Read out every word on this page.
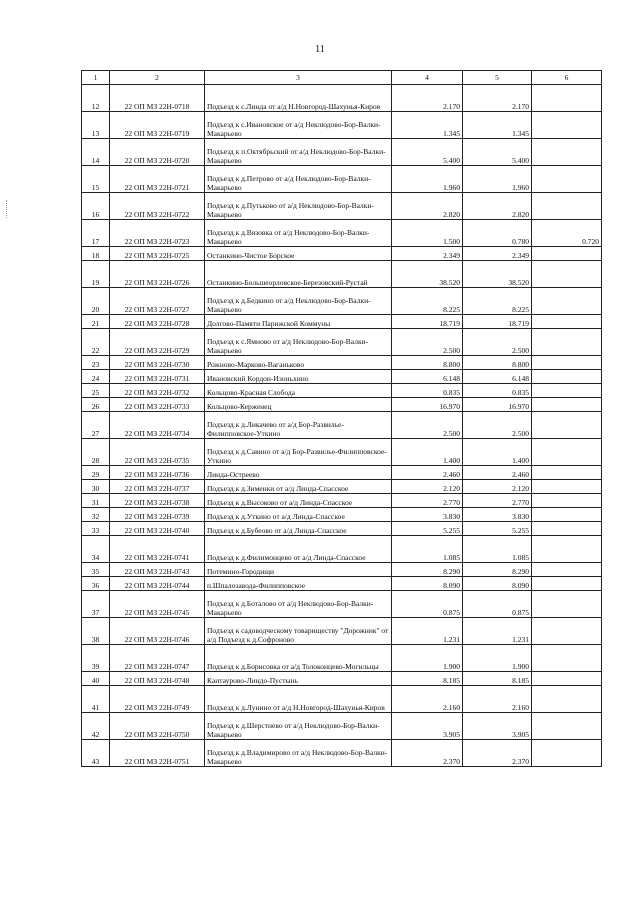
11
1	2	3	4	5	6
12	22 ОП МЗ 22Н-0718	Подъезд к с.Линда от а/д Н.Новгород-Шахунья-Киров	2.170	2.170	
13	22 ОП МЗ 22Н-0719	Подъезд к с.Ивановское от а/д Неклюдово-Бор-Валки-Макарьево	1.345	1.345	
14	22 ОП МЗ 22Н-0720	Подъезд к п.Октябрьский от а/д Неклюдово-Бор-Валки-Макарьево	5.400	5.400	
15	22 ОП МЗ 22Н-0721	Подъезд к д.Петрово от а/д Неклюдово-Бор-Валки-Макарьево	1.960	1.960	
16	22 ОП МЗ 22Н-0722	Подъезд к д.Путьково от а/д Неклюдово-Бор-Валки-Макарьево	2.820	2.820	
17	22 ОП МЗ 22Н-0723	Подъезд к д.Вязовка от а/д Неклюдово-Бор-Валки-Макарьево	1.500	0.780	0.720
18	22 ОП МЗ 22Н-0725	Останкино-Чистое Борское	2.349	2.349	
19	22 ОП МЗ 22Н-0726	Останкино-Большеорловское-Березовский-Рустай	38.520	38.520	
20	22 ОП МЗ 22Н-0727	Подъезд к д.Бедкино от а/д Неклюдово-Бор-Валки-Макарьево	8.225	8.225	
21	22 ОП МЗ 22Н-0728	Долгово-Памяти Парижской Коммуны	18.719	18.719	
22	22 ОП МЗ 22Н-0729	Подъезд к с.Ямново от а/д Неклюдово-Бор-Валки-Макарьево	2.500	2.500	
23	22 ОП МЗ 22Н-0730	Рожново-Марково-Ваганьково	8.800	8.800	
24	22 ОП МЗ 22Н-0731	Ивановский Кордон-Изоньхино	6.148	6.148	
25	22 ОП МЗ 22Н-0732	Кольцово-Красная Слобода	0.835	0.835	
26	22 ОП МЗ 22Н-0733	Кольцово-Керженец	16.970	16.970	
27	22 ОП МЗ 22Н-0734	Подъезд к д.Ликачево от а/д Бор-Развилье-Филипповское-Уткино	2.500	2.500	
28	22 ОП МЗ 22Н-0735	Подъезд к д.Савино от а/д Бор-Развилье-Филипповское-Уткино	1.400	1.400	
29	22 ОП МЗ 22Н-0736	Линда-Остреево	2.460	2.460	
30	22 ОП МЗ 22Н-0737	Подъезд к д.Зименки от а/д Линда-Спасское	2.120	2.120	
31	22 ОП МЗ 22Н-0738	Подъезд к д.Высоково от а/д Линда-Спасское	2.770	2.770	
32	22 ОП МЗ 22Н-0739	Подъезд к д.Уткино от а/д Линда-Спасское	3.830	3.830	
33	22 ОП МЗ 22Н-0740	Подъезд к д.Бубеово от а/д Линда-Спасское	5.255	5.255	
34	22 ОП МЗ 22Н-0741	Подъезд к д.Филимонцево от а/д Линда-Спасское	1.085	1.085	
35	22 ОП МЗ 22Н-0743	Потемино-Городищи	8.290	8.290	
36	22 ОП МЗ 22Н-0744	п.Шпалозавода-Филипповское	8.090	8.090	
37	22 ОП МЗ 22Н-0745	Подъезд к д.Боталово от а/д Неклюдово-Бор-Валки-Макарьево	0.875	0.875	
38	22 ОП МЗ 22Н-0746	Подъезд к садоводческому товариществу "Дорожник" от а/д Подъезд к д.Софроново	1.231	1.231	
39	22 ОП МЗ 22Н-0747	Подъезд к д.Борисовка от а/д Толоконцево-Могильцы	1.900	1.900	
40	22 ОП МЗ 22Н-0748	Кантаурово-Линдо-Пустынь	8.185	8.185	
41	22 ОП МЗ 22Н-0749	Подъезд к д.Лунино от а/д Н.Новгород-Шахунья-Киров	2.160	2.160	
42	22 ОП МЗ 22Н-0750	Подъезд к д.Шерстнево от а/д Неклюдово-Бор-Валки-Макарьево	3.905	3.905	
43	22 ОП МЗ 22Н-0751	Подъезд к д.Владимирово от а/д Неклюдово-Бор-Валки-Макарьево	2.370	2.370	
